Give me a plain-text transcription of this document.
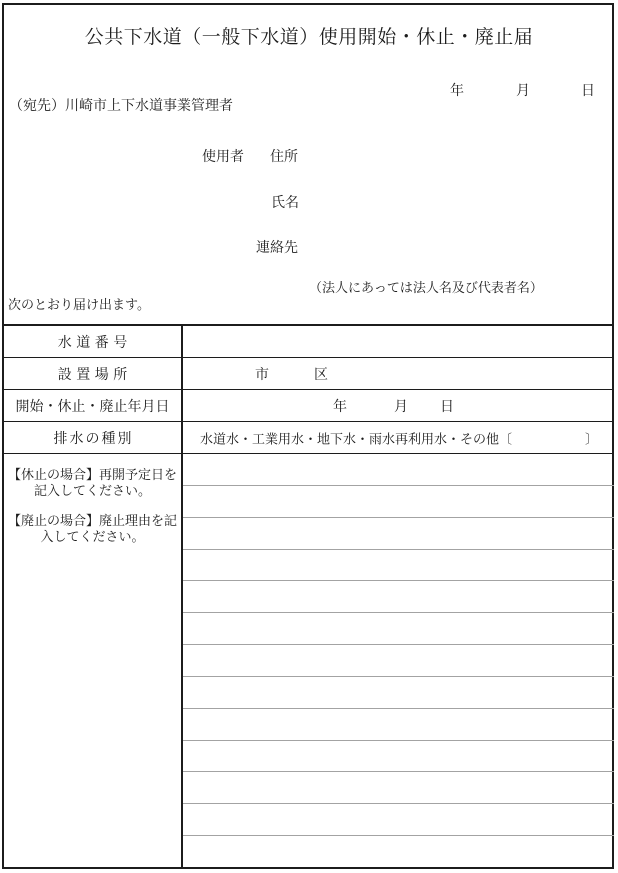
公共下水道（一般下水道）使用開始・休止・廃止届
年	月	日
（宛先）川崎市上下水道事業管理者
使用者 住所
氏名
連絡先
（法人にあっては法人名及び代表者名）
次のとおり届け出ます。
水道番号
設置場所	市	区
開始・休止・廃止年月日	年	月 日
排水の種別	水道水・工業用水・地下水・雨水再利用水・その他〔	〕
【休止の場合】再開予定日を
記入してください。
【廃止の場合】廃止理由を記
入してください。
